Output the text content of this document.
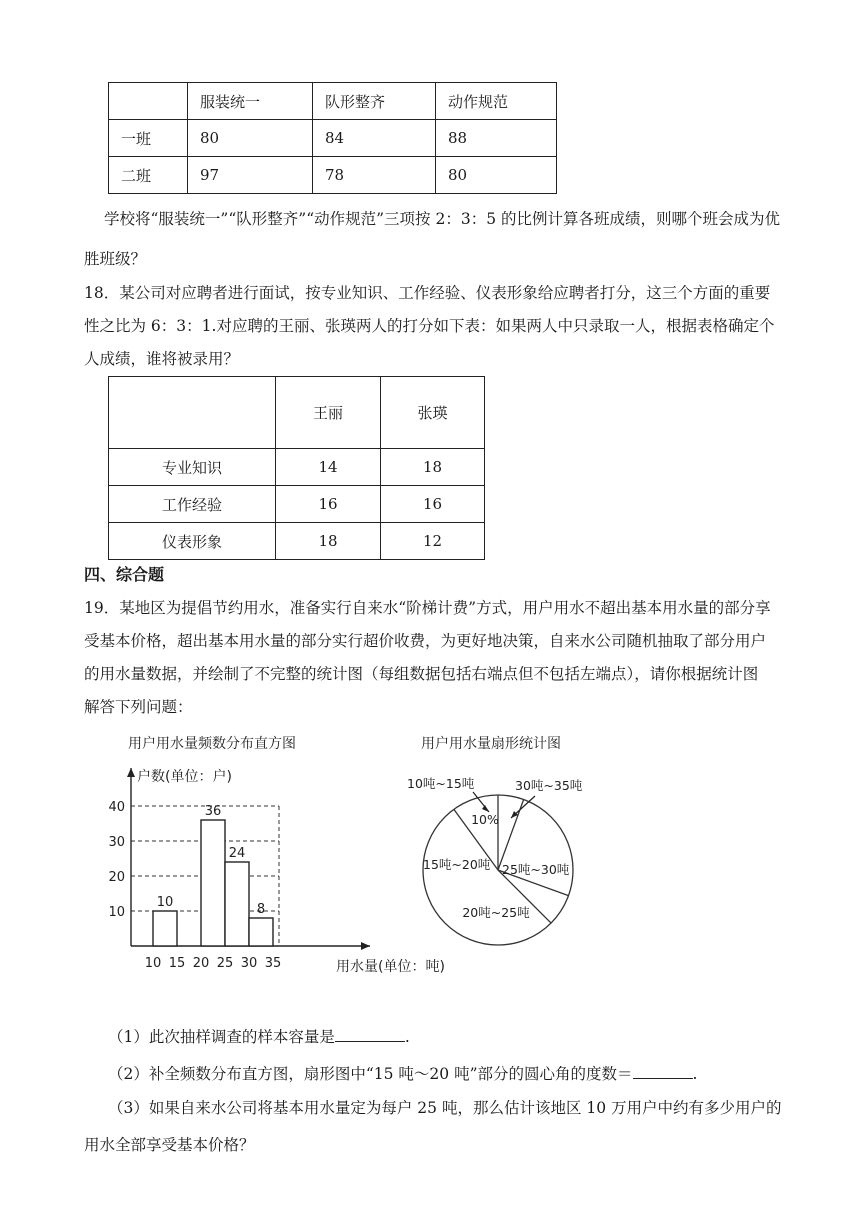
	服装统一	队形整齐	动作规范
一班	80	84	88
二班	97	78	80
学校将“服装统一”“队形整齐”“动作规范”三项按 2：3：5 的比例计算各班成绩，则哪个班会成为优
胜班级？
18．某公司对应聘者进行面试，按专业知识、工作经验、仪表形象给应聘者打分，这三个方面的重要
性之比为 6：3：1.对应聘的王丽、张瑛两人的打分如下表：如果两人中只录取一人，根据表格确定个
人成绩，谁将被录用？
	王丽	张瑛
专业知识	14	18
工作经验	16	16
仪表形象	18	12
四、综合题
19．某地区为提倡节约用水，准备实行自来水“阶梯计费”方式，用户用水不超出基本用水量的部分享
受基本价格，超出基本用水量的部分实行超价收费，为更好地决策，自来水公司随机抽取了部分用户
的用水量数据，并绘制了不完整的统计图（每组数据包括右端点但不包括左端点），请你根据统计图
解答下列问题：
用户用水量频数分布直方图
10
20
30
40
户数(单位：户)
用水量(单位：吨)
10
36
24
8
10 15 20 25 30 35
用户用水量扇形统计图
10吨~15吨
10%
30吨~35吨
25吨~30吨
20吨~25吨
15吨~20吨
（1）此次抽样调查的样本容量是	.
（2）补全频数分布直方图，扇形图中“15 吨～20 吨”部分的圆心角的度数＝	.
（3）如果自来水公司将基本用水量定为每户 25 吨，那么估计该地区 10 万用户中约有多少用户的
用水全部享受基本价格？
